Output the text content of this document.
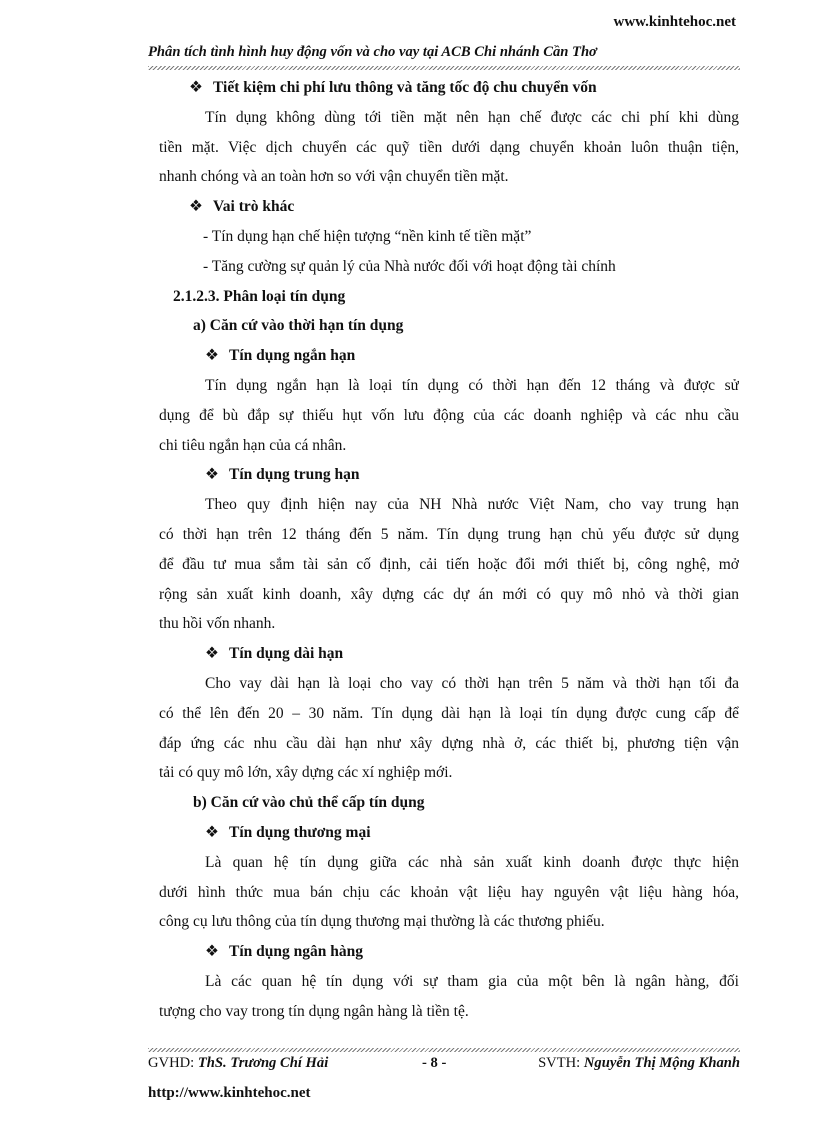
www.kinhtehoc.net

Phân tích tình hình huy động vốn và cho vay tại ACB Chi nhánh Cần Thơ

❖ Tiết kiệm chi phí lưu thông và tăng tốc độ chu chuyển vốn

Tín dụng không dùng tới tiền mặt nên hạn chế được các chi phí khi dùng

tiền mặt. Việc dịch chuyển các quỹ tiền dưới dạng chuyển khoản luôn thuận tiện,

nhanh chóng và an toàn hơn so với vận chuyển tiền mặt.

❖ Vai trò khác

- Tín dụng hạn chế hiện tượng “nền kinh tế tiền mặt”

- Tăng cường sự quản lý của Nhà nước đối với hoạt động tài chính

2.1.2.3. Phân loại tín dụng

a) Căn cứ vào thời hạn tín dụng

❖ Tín dụng ngắn hạn

Tín dụng ngắn hạn là loại tín dụng có thời hạn đến 12 tháng và được sử

dụng để bù đắp sự thiếu hụt vốn lưu động của các doanh nghiệp và các nhu cầu

chi tiêu ngắn hạn của cá nhân.

❖ Tín dụng trung hạn

Theo quy định hiện nay của NH Nhà nước Việt Nam, cho vay trung hạn

có thời hạn trên 12 tháng đến 5 năm. Tín dụng trung hạn chủ yếu được sử dụng

để đầu tư mua sắm tài sản cố định, cải tiến hoặc đổi mới thiết bị, công nghệ, mở

rộng sản xuất kinh doanh, xây dựng các dự án mới có quy mô nhỏ và thời gian

thu hồi vốn nhanh.

❖ Tín dụng dài hạn

Cho vay dài hạn là loại cho vay có thời hạn trên 5 năm và thời hạn tối đa

có thể lên đến 20 – 30 năm. Tín dụng dài hạn là loại tín dụng được cung cấp để

đáp ứng các nhu cầu dài hạn như xây dựng nhà ở, các thiết bị, phương tiện vận

tải có quy mô lớn, xây dựng các xí nghiệp mới.

b) Căn cứ vào chủ thể cấp tín dụng

❖ Tín dụng thương mại

Là quan hệ tín dụng giữa các nhà sản xuất kinh doanh được thực hiện

dưới hình thức mua bán chịu các khoản vật liệu hay nguyên vật liệu hàng hóa,

công cụ lưu thông của tín dụng thương mại thường là các thương phiếu.

❖ Tín dụng ngân hàng

Là các quan hệ tín dụng với sự tham gia của một bên là ngân hàng, đối

tượng cho vay trong tín dụng ngân hàng là tiền tệ.

GVHD: ThS. Trương Chí Hải	- 8 -	SVTH: Nguyễn Thị Mộng Khanh

http://www.kinhtehoc.net
